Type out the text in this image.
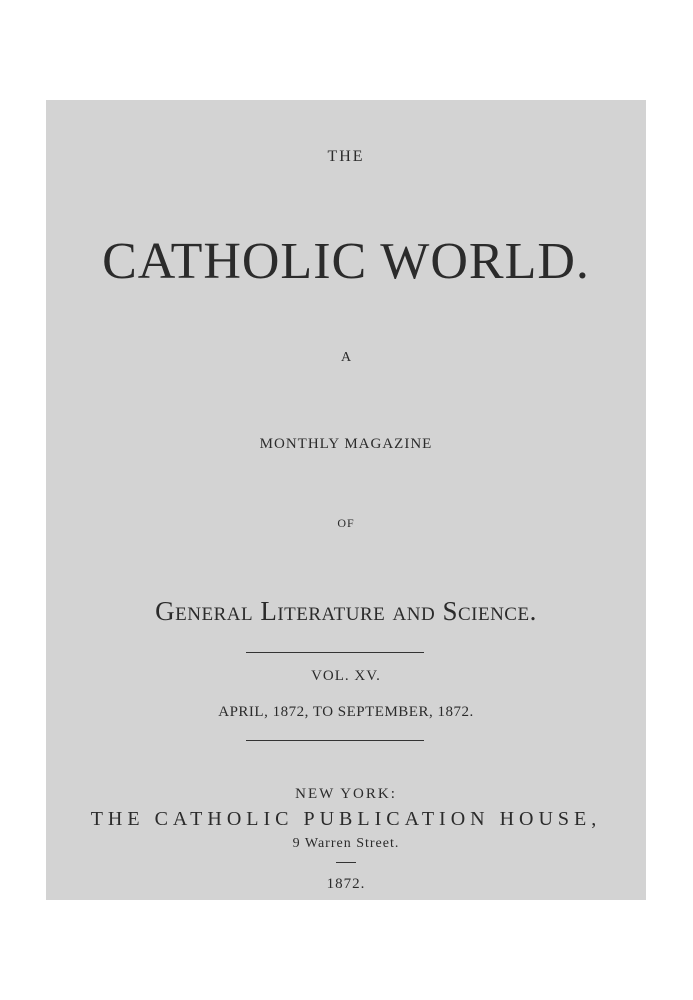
THE
CATHOLIC WORLD.
A
MONTHLY MAGAZINE
OF
General Literature and Science.
VOL. XV.
APRIL, 1872, TO SEPTEMBER, 1872.
NEW YORK:
THE CATHOLIC PUBLICATION HOUSE,
9 Warren Street.
1872.
